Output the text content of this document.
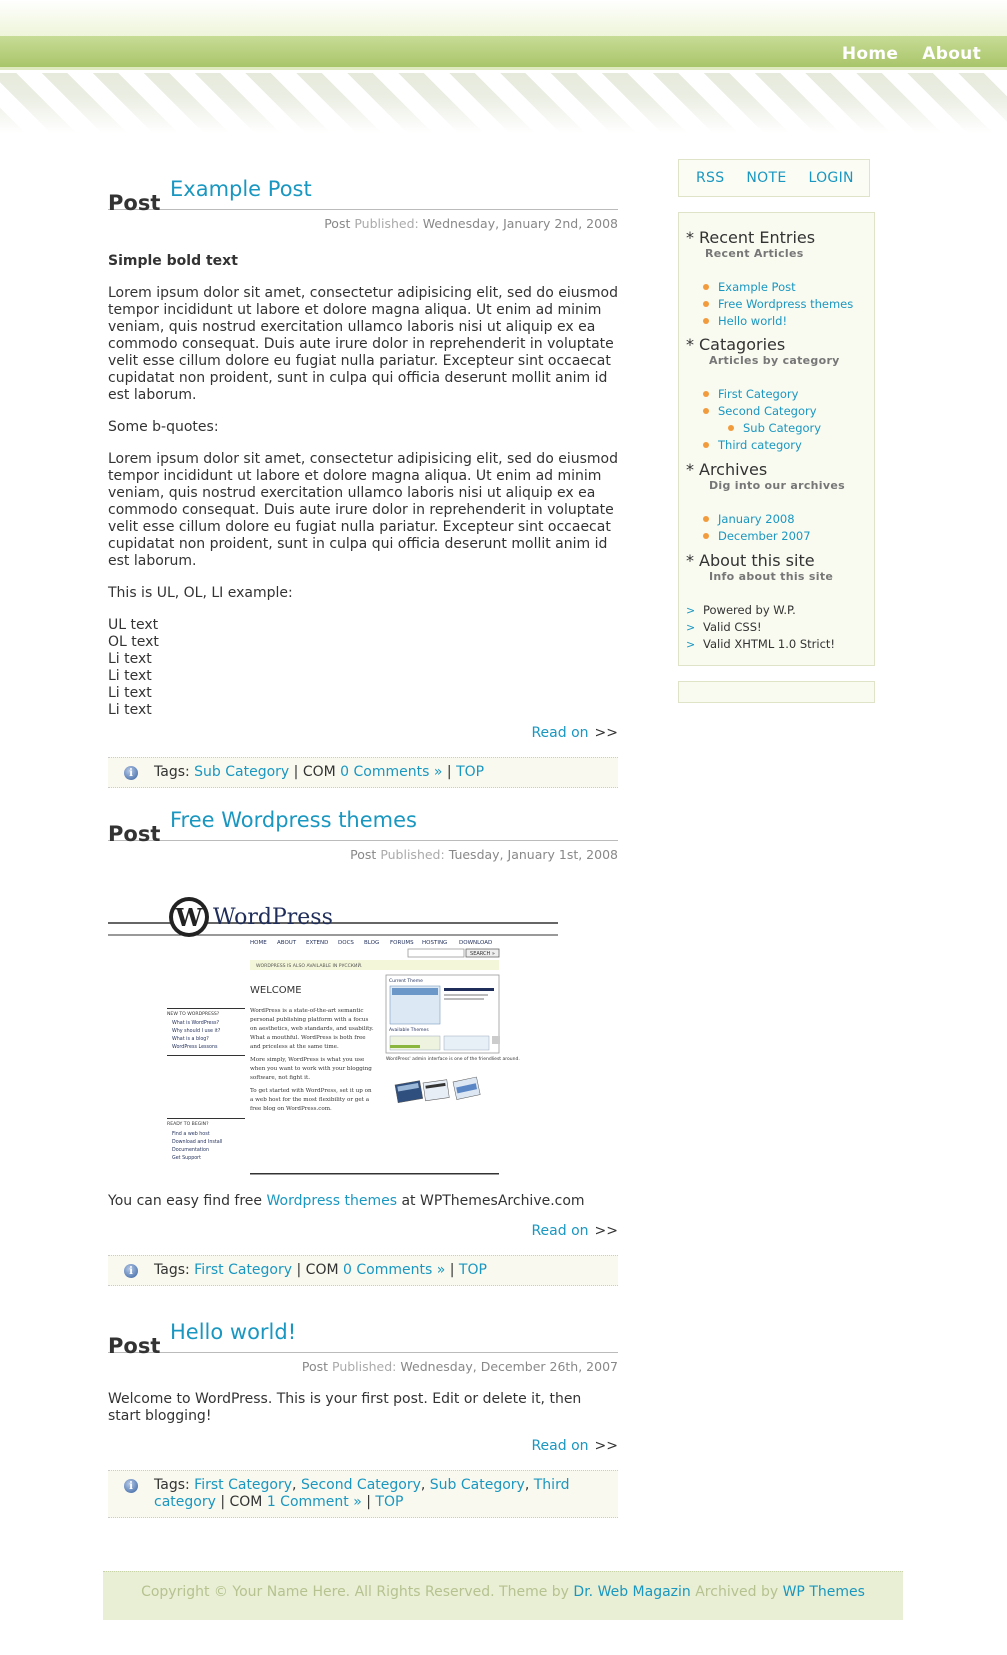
Home About
Post
Example Post
Post Published: Wednesday, January 2nd, 2008

Simple bold text

Lorem ipsum dolor sit amet, consectetur adipisicing elit, sed do eiusmod tempor incididunt ut labore et dolore magna aliqua. Ut enim ad minim veniam, quis nostrud exercitation ullamco laboris nisi ut aliquip ex ea commodo consequat. Duis aute irure dolor in reprehenderit in voluptate velit esse cillum dolore eu fugiat nulla pariatur. Excepteur sint occaecat cupidatat non proident, sunt in culpa qui officia deserunt mollit anim id est laborum.

Some b-quotes:

Lorem ipsum dolor sit amet, consectetur adipisicing elit, sed do eiusmod tempor incididunt ut labore et dolore magna aliqua. Ut enim ad minim veniam, quis nostrud exercitation ullamco laboris nisi ut aliquip ex ea commodo consequat. Duis aute irure dolor in reprehenderit in voluptate velit esse cillum dolore eu fugiat nulla pariatur. Excepteur sint occaecat cupidatat non proident, sunt in culpa qui officia deserunt mollit anim id est laborum.

This is UL, OL, LI example:

UL text
OL text
Li text
Li text
Li text
Li text
Read on >>
i
Tags: Sub Category | COM 0 Comments » | TOP
Post
Free Wordpress themes
Post Published: Tuesday, January 1st, 2008
W WordPress
HOME ABOUT EXTEND DOCS BLOG FORUMS HOSTING DOWNLOAD
SEARCH »
WORDPRESS IS ALSO AVAILABLE IN РУССКИЙ.
WELCOME
NEW TO WORDPRESS?
What is WordPress?
Why should I use it?
What is a blog?
WordPress Lessons
READY TO BEGIN?
Find a web host
Download and Install
Documentation
Get Support
WordPress is a state-of-the-art semantic personal publishing platform with a focus on aesthetics, web standards, and usability. What a mouthful. WordPress is both free and priceless at the same time.
More simply, WordPress is what you use when you want to work with your blogging software, not fight it.
To get started with WordPress, set it up on a web host for the most flexibility or get a free blog on WordPress.com.
Current Theme
Available Themes
WordPress' admin interface is one of the friendliest around.

You can easy find free Wordpress themes at WPThemesArchive.com

Read on >>
i
Tags: First Category | COM 0 Comments » | TOP
Post
Hello world!
Post Published: Wednesday, December 26th, 2007

Welcome to WordPress. This is your first post. Edit or delete it, then start blogging!

Read on >>
i
Tags: First Category, Second Category, Sub Category, Third category | COM 1 Comment » | TOP
RSS NOTE LOGIN
* Recent Entries
Recent Articles
Example Post
Free Wordpress themes
Hello world!
* Catagories
Articles by category
First Category
Second Category
Sub Category
Third category
* Archives
Dig into our archives
January 2008
December 2007
* About this site
Info about this site
> Powered by W.P.
> Valid CSS!
> Valid XHTML 1.0 Strict!
Copyright © Your Name Here. All Rights Reserved. Theme by Dr. Web Magazin Archived by WP Themes
